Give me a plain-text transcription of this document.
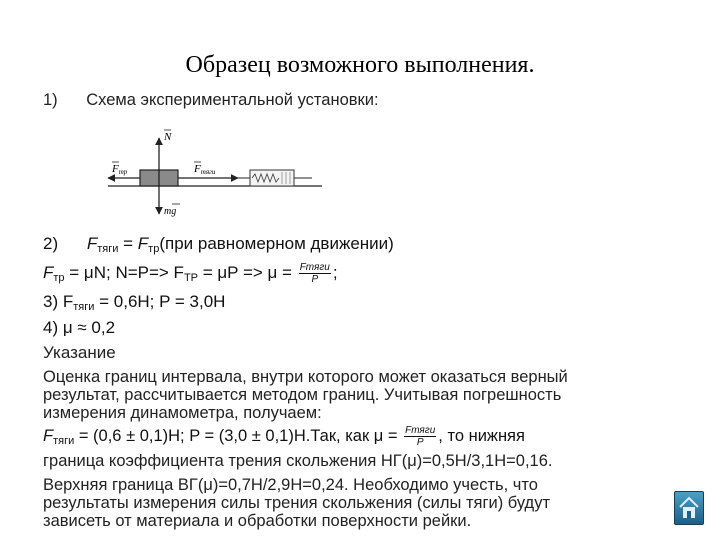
Образец возможного выполнения.
1) Схема экспериментальной установки:
N
Fтр	Fтяги
mg
2) $F_{тяги} = F_{тр}(при$ равномерном движении)
$F_{тр} = \mu N$; $N=P=> F_{ТР} = \mu P => \mu = \frac{\text{Fтяги}}{P}$ ;
3) $F_{тяги} = 0,6Н$; P = 3,0Н
4) μ ≈ 0,2
Указание
Оценка границ интервала, внутри которого может оказаться верный
результат, рассчитывается методом границ. Учитывая погрешность
измерения динамометра, получаем:
$F_{тяги} = (0,6 \pm 0,1)Н$; P = (3,0 ± 0,1)Н.Так, как $\mu = \frac{\text{Fтяги}}{P}$ , то нижняя
граница коэффициента трения скольжения НГ(μ)=0,5Н/3,1Н=0,16.
Верхняя граница ВГ(μ)=0,7Н/2,9Н=0,24. Необходимо учесть, что
результаты измерения силы трения скольжения (силы тяги) будут
зависеть от материала и обработки поверхности рейки.
